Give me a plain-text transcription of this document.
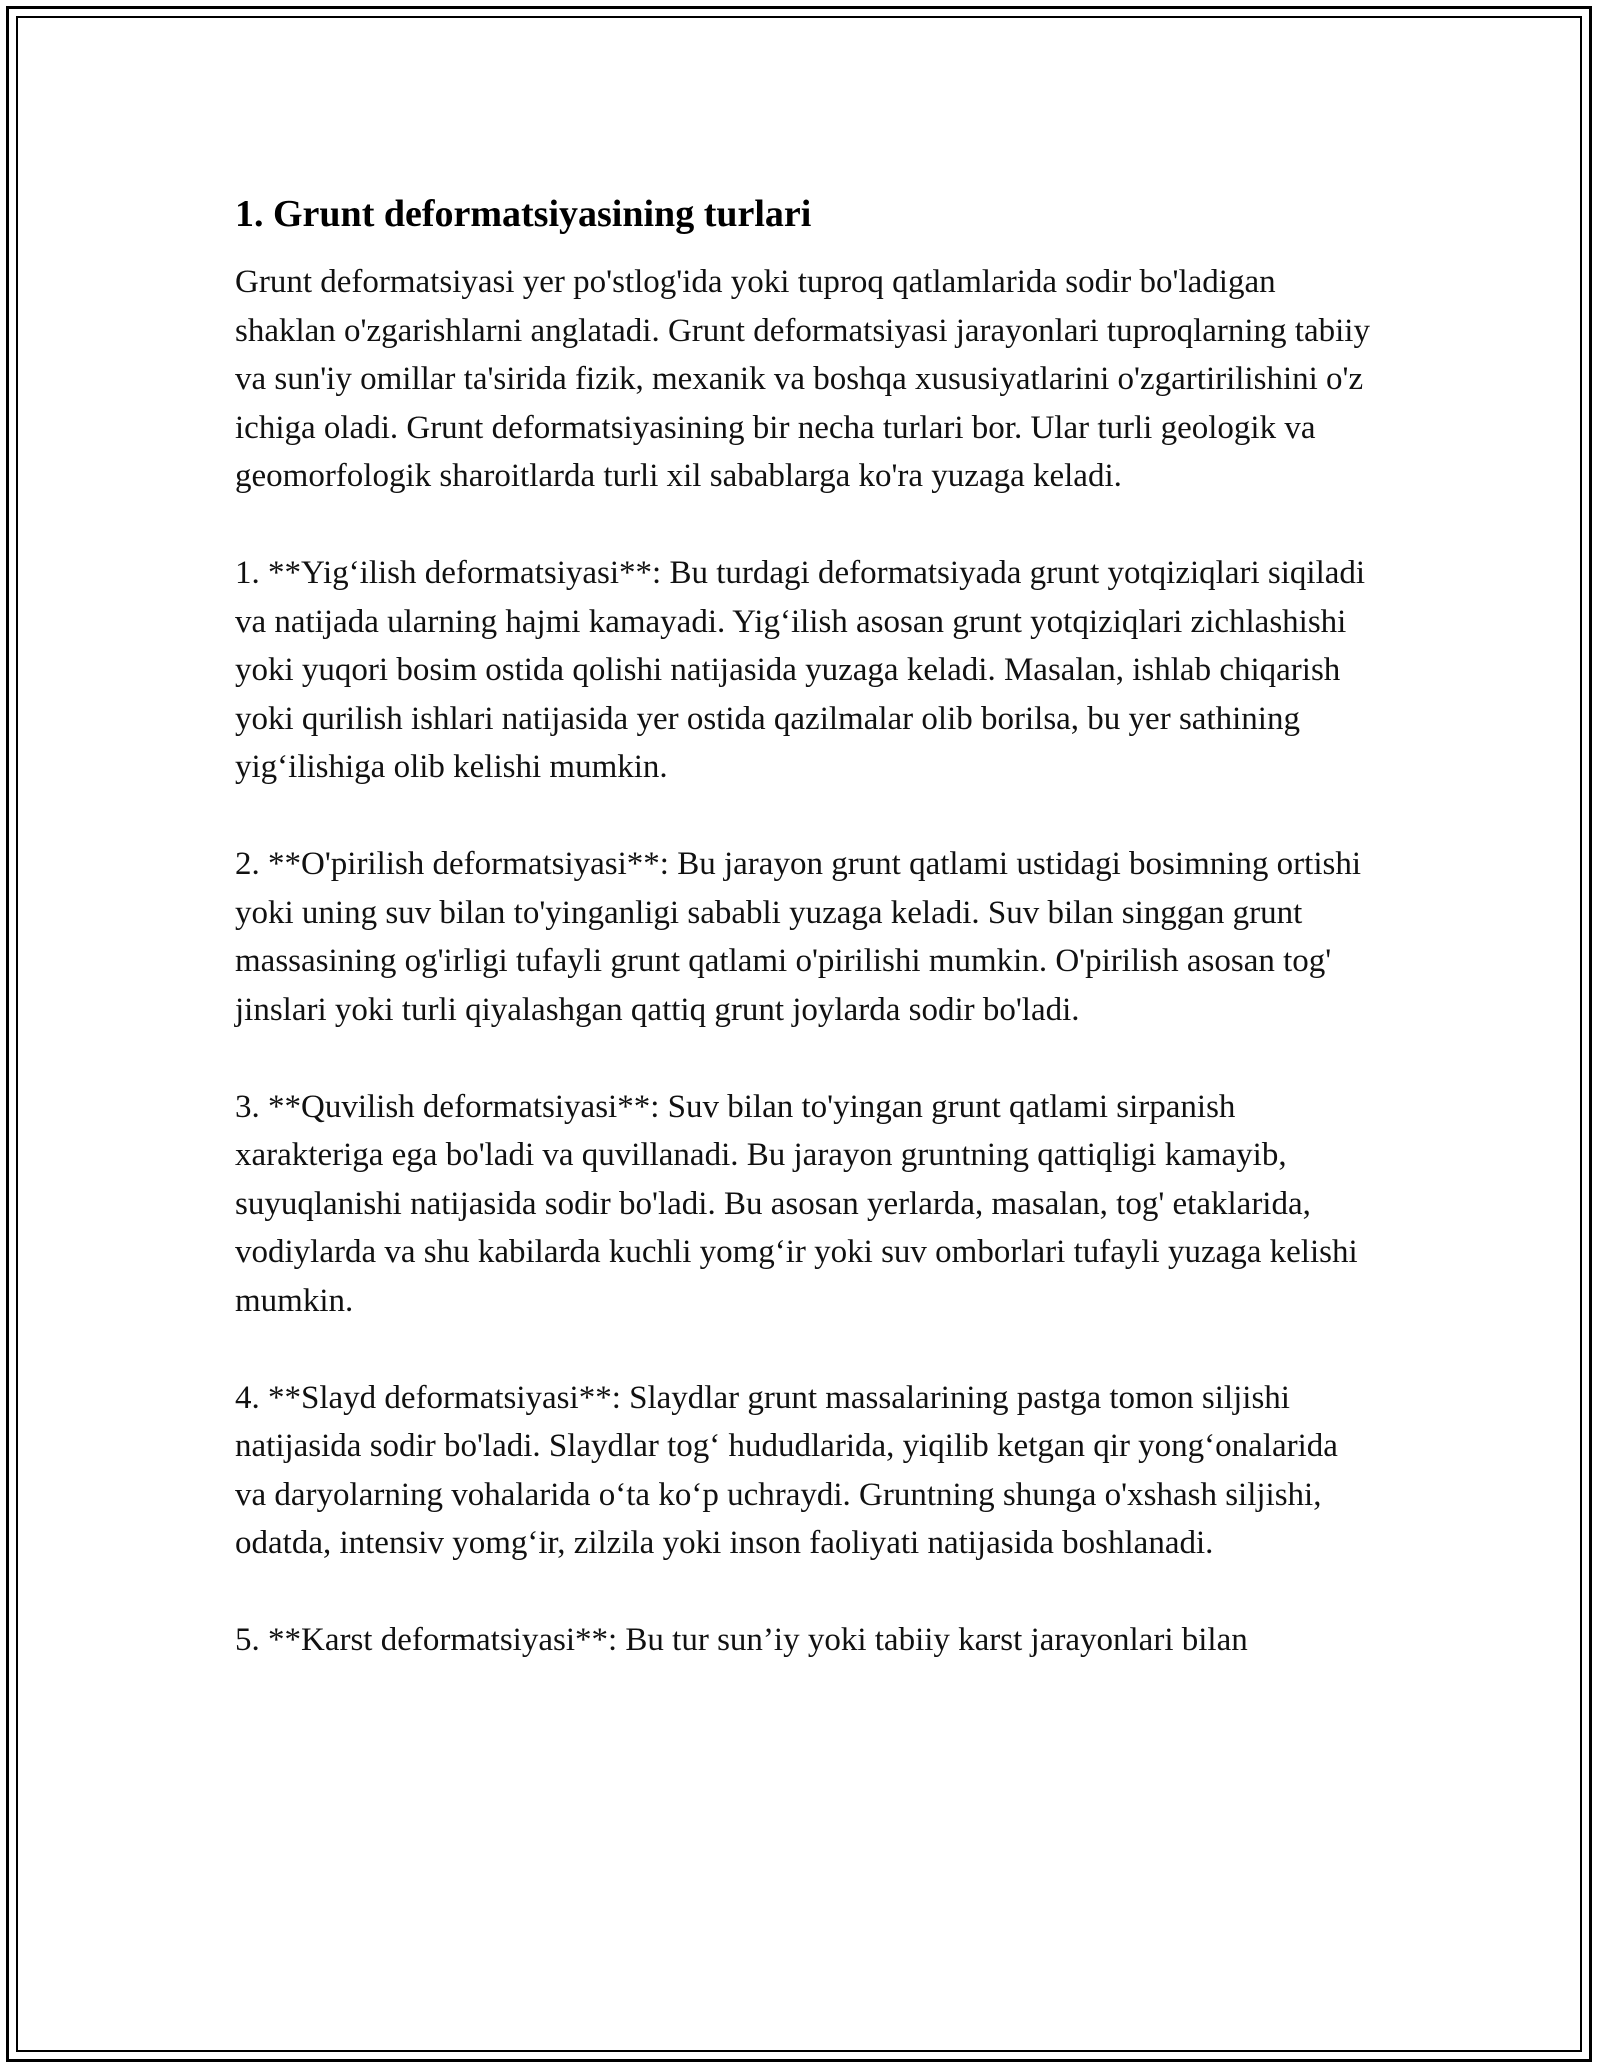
1. Grunt deformatsiyasining turlari

Grunt deformatsiyasi yer po'stlog'ida yoki tuproq qatlamlarida sodir bo'ladigan shaklan o'zgarishlarni anglatadi. Grunt deformatsiyasi jarayonlari tuproqlarning tabiiy va sun'iy omillar ta'sirida fizik, mexanik va boshqa xususiyatlarini o'zgartirilishini o'z ichiga oladi. Grunt deformatsiyasining bir necha turlari bor. Ular turli geologik va geomorfologik sharoitlarda turli xil sabablarga ko'ra yuzaga keladi.

1. **Yig‘ilish deformatsiyasi**: Bu turdagi deformatsiyada grunt yotqiziqlari siqiladi va natijada ularning hajmi kamayadi. Yig‘ilish asosan grunt yotqiziqlari zichlashishi yoki yuqori bosim ostida qolishi natijasida yuzaga keladi. Masalan, ishlab chiqarish yoki qurilish ishlari natijasida yer ostida qazilmalar olib borilsa, bu yer sathining yig‘ilishiga olib kelishi mumkin.

2. **O'pirilish deformatsiyasi**: Bu jarayon grunt qatlami ustidagi bosimning ortishi yoki uning suv bilan to'yinganligi sababli yuzaga keladi. Suv bilan singgan grunt massasining og'irligi tufayli grunt qatlami o'pirilishi mumkin. O'pirilish asosan tog' jinslari yoki turli qiyalashgan qattiq grunt joylarda sodir bo'ladi.

3. **Quvilish deformatsiyasi**: Suv bilan to'yingan grunt qatlami sirpanish xarakteriga ega bo'ladi va quvillanadi. Bu jarayon gruntning qattiqligi kamayib, suyuqlanishi natijasida sodir bo'ladi. Bu asosan yerlarda, masalan, tog' etaklarida, vodiylarda va shu kabilarda kuchli yomg‘ir yoki suv omborlari tufayli yuzaga kelishi mumkin.

4. **Slayd deformatsiyasi**: Slaydlar grunt massalarining pastga tomon siljishi natijasida sodir bo'ladi. Slaydlar tog‘ hududlarida, yiqilib ketgan qir yong‘onalarida va daryolarning vohalarida o‘ta ko‘p uchraydi. Gruntning shunga o'xshash siljishi, odatda, intensiv yomg‘ir, zilzila yoki inson faoliyati natijasida boshlanadi.

5. **Karst deformatsiyasi**: Bu tur sun’iy yoki tabiiy karst jarayonlari bilan
